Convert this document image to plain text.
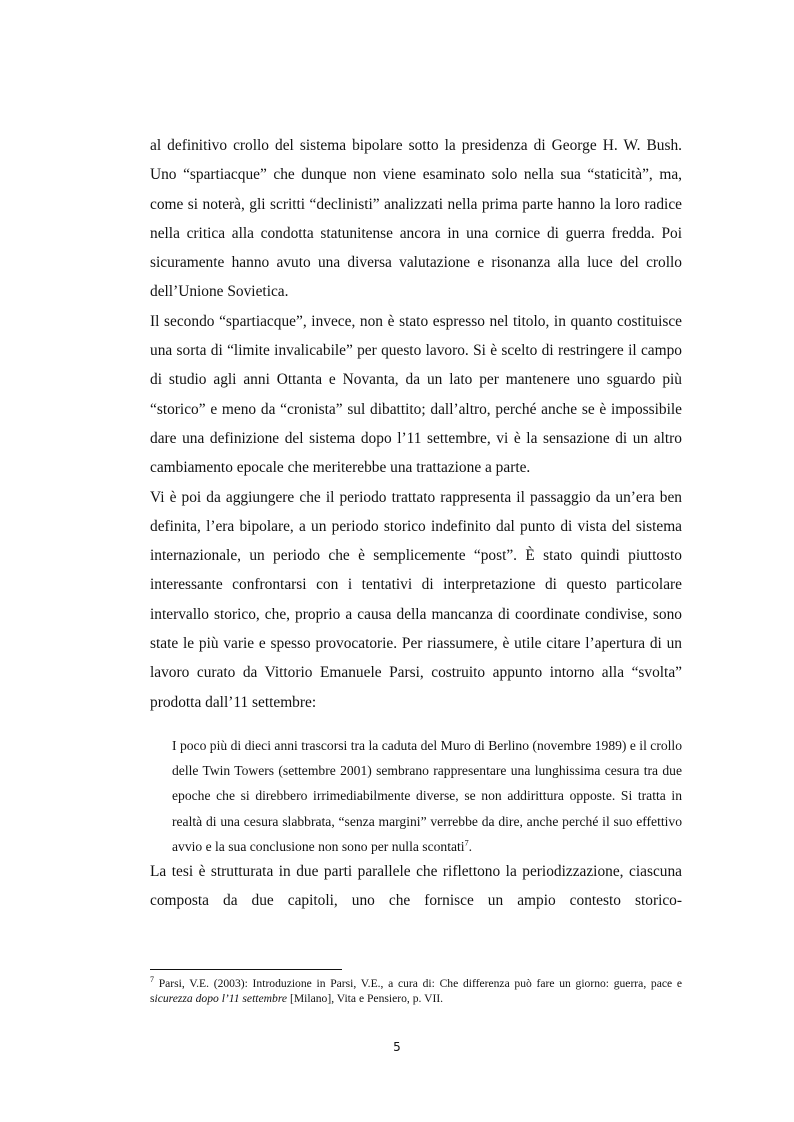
al definitivo crollo del sistema bipolare sotto la presidenza di George H. W. Bush. Uno “spartiacque” che dunque non viene esaminato solo nella sua “staticità”, ma, come si noterà, gli scritti “declinisti” analizzati nella prima parte hanno la loro radice nella critica alla condotta statunitense ancora in una cornice di guerra fredda. Poi sicuramente hanno avuto una diversa valutazione e risonanza alla luce del crollo dell’Unione Sovietica.

Il secondo “spartiacque”, invece, non è stato espresso nel titolo, in quanto costituisce una sorta di “limite invalicabile” per questo lavoro. Si è scelto di restringere il campo di studio agli anni Ottanta e Novanta, da un lato per mantenere uno sguardo più “storico” e meno da “cronista” sul dibattito; dall’altro, perché anche se è impossibile dare una definizione del sistema dopo l’11 settembre, vi è la sensazione di un altro cambiamento epocale che meriterebbe una trattazione a parte.

Vi è poi da aggiungere che il periodo trattato rappresenta il passaggio da un’era ben definita, l’era bipolare, a un periodo storico indefinito dal punto di vista del sistema internazionale, un periodo che è semplicemente “post”. È stato quindi piuttosto interessante confrontarsi con i tentativi di interpretazione di questo particolare intervallo storico, che, proprio a causa della mancanza di coordinate condivise, sono state le più varie e spesso provocatorie. Per riassumere, è utile citare l’apertura di un lavoro curato da Vittorio Emanuele Parsi, costruito appunto intorno alla “svolta” prodotta dall’11 settembre:

I poco più di dieci anni trascorsi tra la caduta del Muro di Berlino (novembre 1989) e il crollo delle Twin Towers (settembre 2001) sembrano rappresentare una lunghissima cesura tra due epoche che si direbbero irrimediabilmente diverse, se non addirittura opposte. Si tratta in realtà di una cesura slabbrata, “senza margini” verrebbe da dire, anche perché il suo effettivo avvio e la sua conclusione non sono per nulla scontati$^7$.

La tesi è strutturata in due parti parallele che riflettono la periodizzazione, ciascuna composta da due capitoli, uno che fornisce un ampio contesto storico-

$^7$ Parsi, V.E. (2003): Introduzione in Parsi, V.E., a cura di: Che differenza può fare un giorno: guerra, pace e sicurezza dopo l’11 settembre [Milano], Vita e Pensiero, p. VII.

5
